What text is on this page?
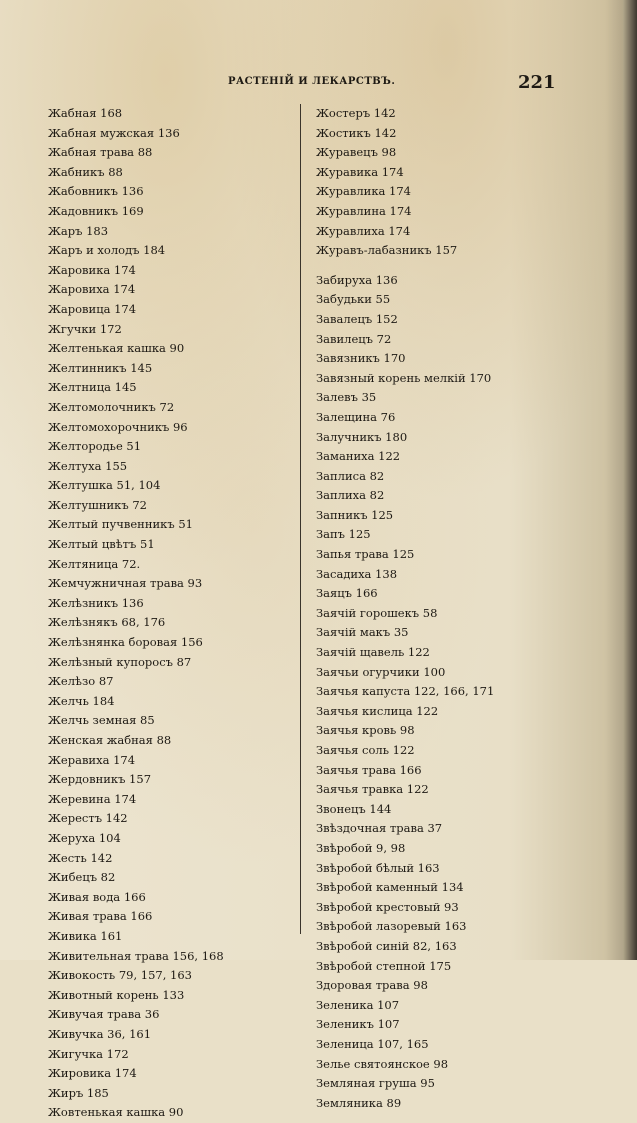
РАСТЕНІЙ И ЛЕКАРСТВЪ.	221
Жабная 168
Жабная мужская 136
Жабная трава 88
Жабникъ 88
Жабовникъ 136
Жадовникъ 169
Жаръ 183
Жаръ и холодъ 184
Жаровика 174
Жаровиха 174
Жаровица 174
Жгучки 172
Желтенькая кашка 90
Желтинникъ 145
Желтница 145
Желтомолочникъ 72
Желтомохорочникъ 96
Желтородье 51
Желтуха 155
Желтушка 51, 104
Желтушникъ 72
Желтый пучвенникъ 51
Желтый цвѣтъ 51
Желтяница 72.
Жемчужничная трава 93
Желѣзникъ 136
Желѣзнякъ 68, 176
Желѣзнянка боровая 156
Желѣзный купоросъ 87
Желѣзо 87
Желчь 184
Желчь земная 85
Женская жабная 88
Жеравиха 174
Жердовникъ 157
Жеревина 174
Жерестъ 142
Жеруха 104
Жесть 142
Жибецъ 82
Живая вода 166
Живая трава 166
Живика 161
Живительная трава 156, 168
Живокость 79, 157, 163
Животный корень 133
Живучая трава 36
Живучка 36, 161
Жигучка 172
Жировика 174
Жиръ 185
Жовтенькая кашка 90
Жостеръ 142
Жостикъ 142
Журавецъ 98
Журавика 174
Журавлика 174
Журавлина 174
Журавлиха 174
Журавъ-лабазникъ 157
Забируха 136
Забудьки 55
Завалецъ 152
Завилецъ 72
Завязникъ 170
Завязный корень мелкій 170
Залевъ 35
Залещина 76
Залучникъ 180
Заманиха 122
Заплиса 82
Заплиха 82
Запникъ 125
Запъ 125
Запья трава 125
Засадиха 138
Заяцъ 166
Заячій горошекъ 58
Заячій макъ 35
Заячій щавель 122
Заячьи огурчики 100
Заячья капуста 122, 166, 171
Заячья кислица 122
Заячья кровь 98
Заячья соль 122
Заячья трава 166
Заячья травка 122
Звонецъ 144
Звѣздочная трава 37
Звѣробой 9, 98
Звѣробой бѣлый 163
Звѣробой каменный 134
Звѣробой крестовый 93
Звѣробой лазоревый 163
Звѣробой синій 82, 163
Звѣробой степной 175
Здоровая трава 98
Зеленика 107
Зеленикъ 107
Зеленица 107, 165
Зелье святоянское 98
Земляная груша 95
Земляника 89
